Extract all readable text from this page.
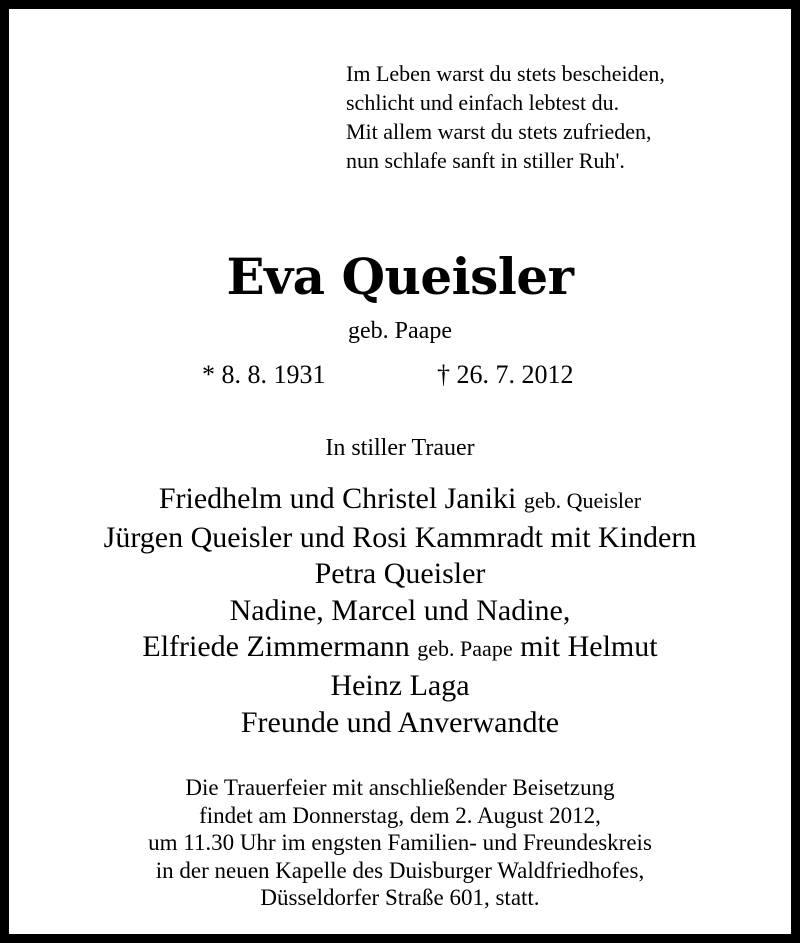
Im Leben warst du stets bescheiden,
schlicht und einfach lebtest du.
Mit allem warst du stets zufrieden,
nun schlafe sanft in stiller Ruh'.
Eva Queisler
geb. Paape
* 8. 8. 1931	† 26. 7. 2012
In stiller Trauer
Friedhelm und Christel Janiki geb. Queisler
Jürgen Queisler und Rosi Kammradt mit Kindern
Petra Queisler
Nadine, Marcel und Nadine,
Elfriede Zimmermann geb. Paape mit Helmut
Heinz Laga
Freunde und Anverwandte
Die Trauerfeier mit anschließender Beisetzung
findet am Donnerstag, dem 2. August 2012,
um 11.30 Uhr im engsten Familien- und Freundeskreis
in der neuen Kapelle des Duisburger Waldfriedhofes,
Düsseldorfer Straße 601, statt.
